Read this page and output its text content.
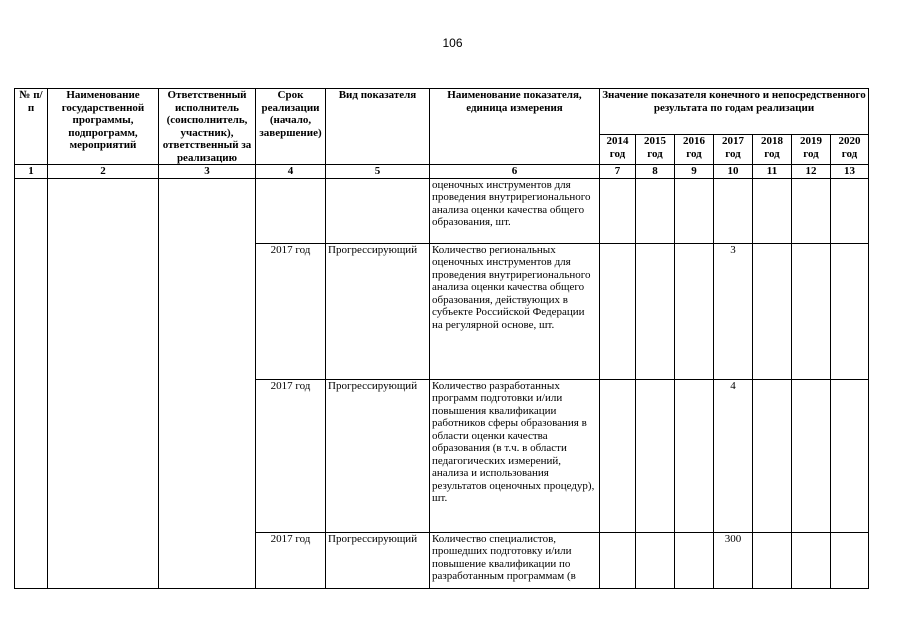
106
№ п/п	Наименование государственной программы, подпрограмм, мероприятий	Ответственный исполнитель (соисполнитель, участник), ответственный за реализацию	Срок реализации (начало, завершение)	Вид показателя	Наименование показателя, единица измерения	Значение показателя конечного и непосредственного результата по годам реализации						
						2014 год	2015 год	2016 год	2017 год	2018 год	2019 год	2020 год
1	2	3	4	5	6	7	8	9	10	11	12	13
					оценочных инструментов для проведения внутрирегионального анализа оценки качества общего образования, шт.							
			2017 год	Прогрессирующий	Количество региональных оценочных инструментов для проведения внутрирегионального анализа оценки качества общего образования, действующих в субъекте Российской Федерации на регулярной основе, шт.				3			
			2017 год	Прогрессирующий	Количество разработанных программ подготовки и/или повышения квалификации работников сферы образования в области оценки качества образования (в т.ч. в области педагогических измерений, анализа и использования результатов оценочных процедур), шт.				4			
			2017 год	Прогрессирующий	Количество специалистов, прошедших подготовку и/или повышение квалификации по разработанным программам (в				300			
